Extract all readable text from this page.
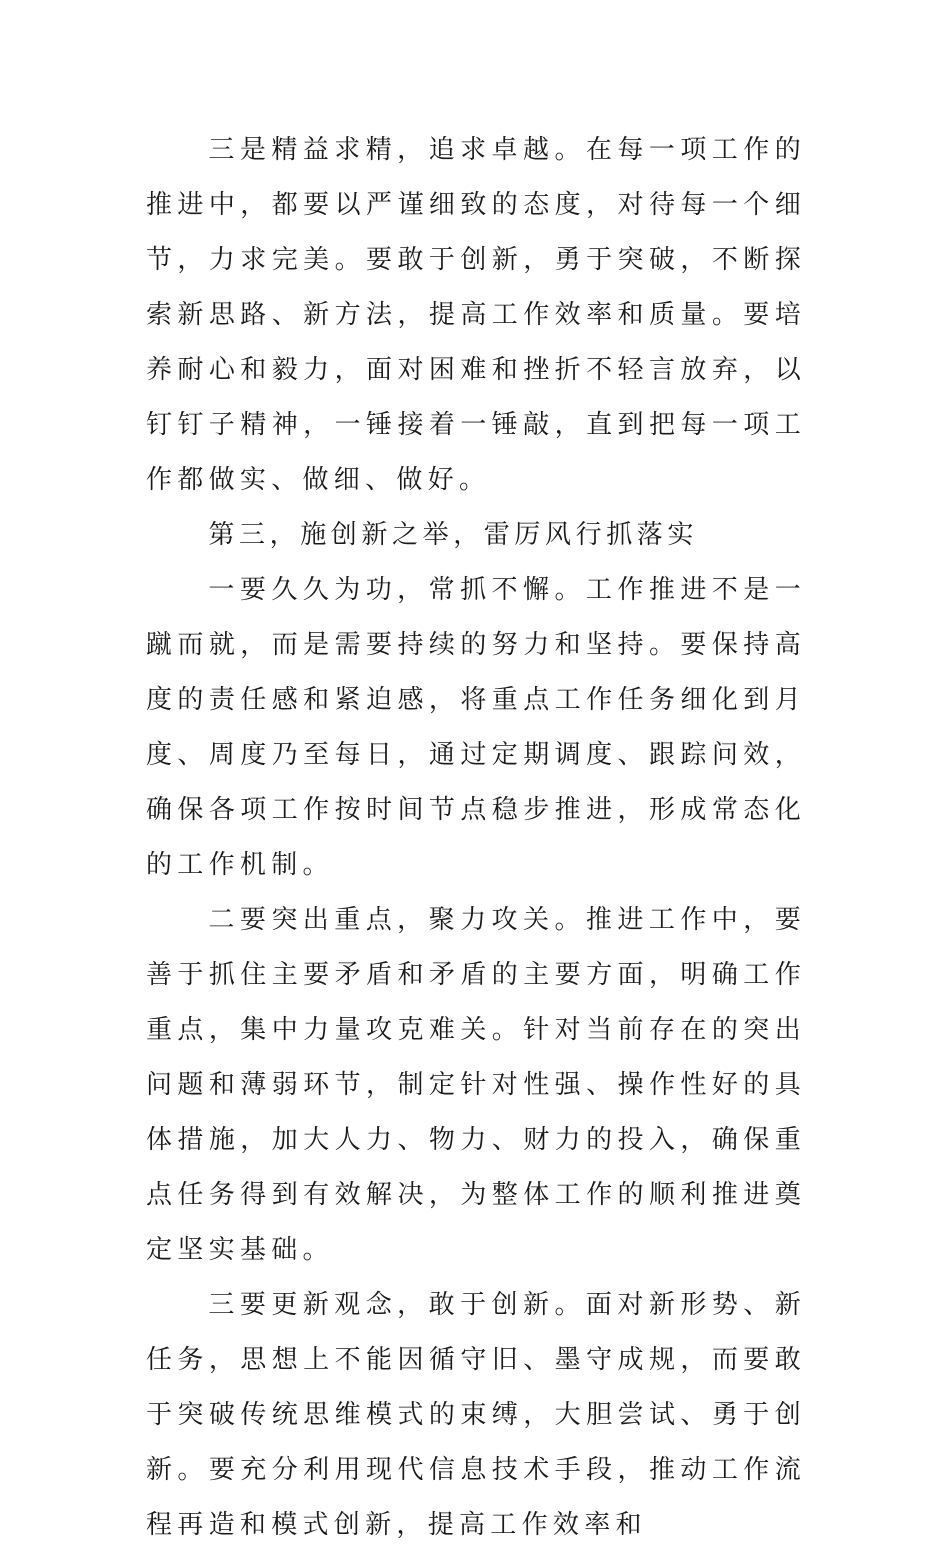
三是精益求精，追求卓越。在每一项工作的推进中，都要以严谨细致的态度，对待每一个细节，力求完美。要敢于创新，勇于突破，不断探索新思路、新方法，提高工作效率和质量。要培养耐心和毅力，面对困难和挫折不轻言放弃，以钉钉子精神，一锤接着一锤敲，直到把每一项工作都做实、做细、做好。

第三，施创新之举，雷厉风行抓落实

一要久久为功，常抓不懈。工作推进不是一蹴而就，而是需要持续的努力和坚持。要保持高度的责任感和紧迫感，将重点工作任务细化到月度、周度乃至每日，通过定期调度、跟踪问效，确保各项工作按时间节点稳步推进，形成常态化的工作机制。

二要突出重点，聚力攻关。推进工作中，要善于抓住主要矛盾和矛盾的主要方面，明确工作重点，集中力量攻克难关。针对当前存在的突出问题和薄弱环节，制定针对性强、操作性好的具体措施，加大人力、物力、财力的投入，确保重点任务得到有效解决，为整体工作的顺利推进奠定坚实基础。

三要更新观念，敢于创新。面对新形势、新任务，思想上不能因循守旧、墨守成规，而要敢于突破传统思维模式的束缚，大胆尝试、勇于创新。要充分利用现代信息技术手段，推动工作流程再造和模式创新，提高工作效率和
